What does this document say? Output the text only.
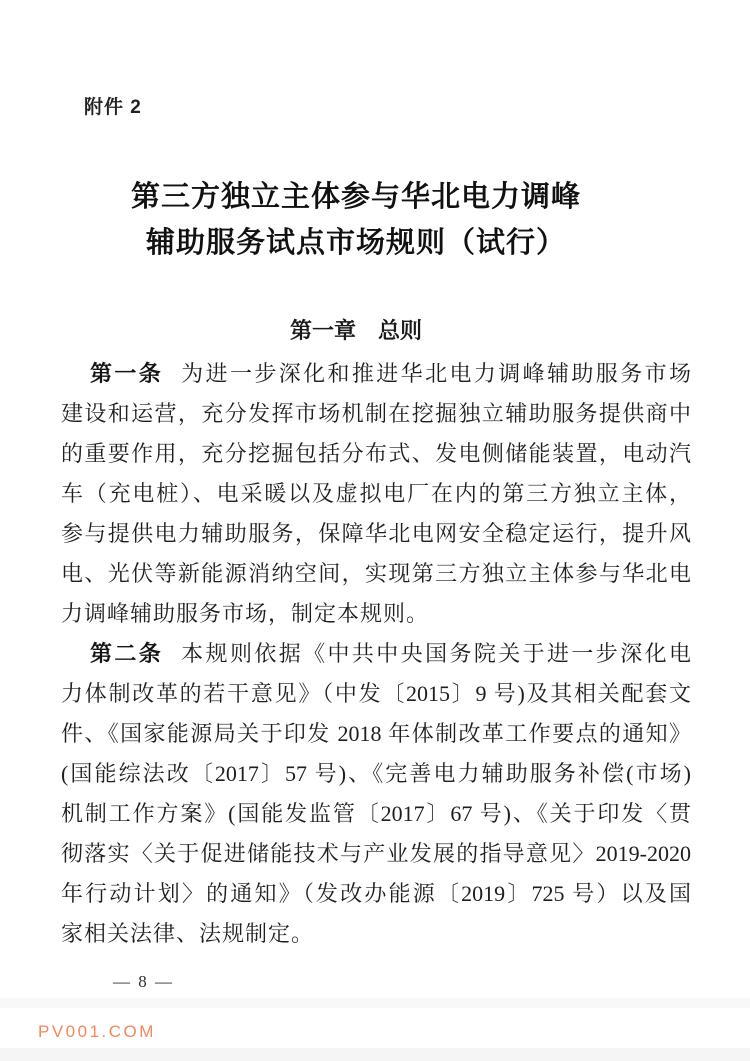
附件 2
第三方独立主体参与华北电力调峰
辅助服务试点市场规则（试行）
第一章　总则
第一条 为进一步深化和推进华北电力调峰辅助服务市场
建设和运营，充分发挥市场机制在挖掘独立辅助服务提供商中
的重要作用，充分挖掘包括分布式、发电侧储能装置，电动汽
车（充电桩）、电采暖以及虚拟电厂在内的第三方独立主体，
参与提供电力辅助服务，保障华北电网安全稳定运行，提升风
电、光伏等新能源消纳空间，实现第三方独立主体参与华北电
力调峰辅助服务市场，制定本规则。
第二条 本规则依据《中共中央国务院关于进一步深化电
力体制改革的若干意见》（中发〔2015〕9 号)及其相关配套文
件、《国家能源局关于印发 2018 年体制改革工作要点的通知》
(国能综法改〔2017〕57 号)、《完善电力辅助服务补偿(市场)
机制工作方案》(国能发监管〔2017〕67 号)、《关于印发〈贯
彻落实〈关于促进储能技术与产业发展的指导意见〉2019-2020
年行动计划〉的通知》（发改办能源〔2019〕725 号）以及国
家相关法律、法规制定。
— 8 —
PV001.COM
